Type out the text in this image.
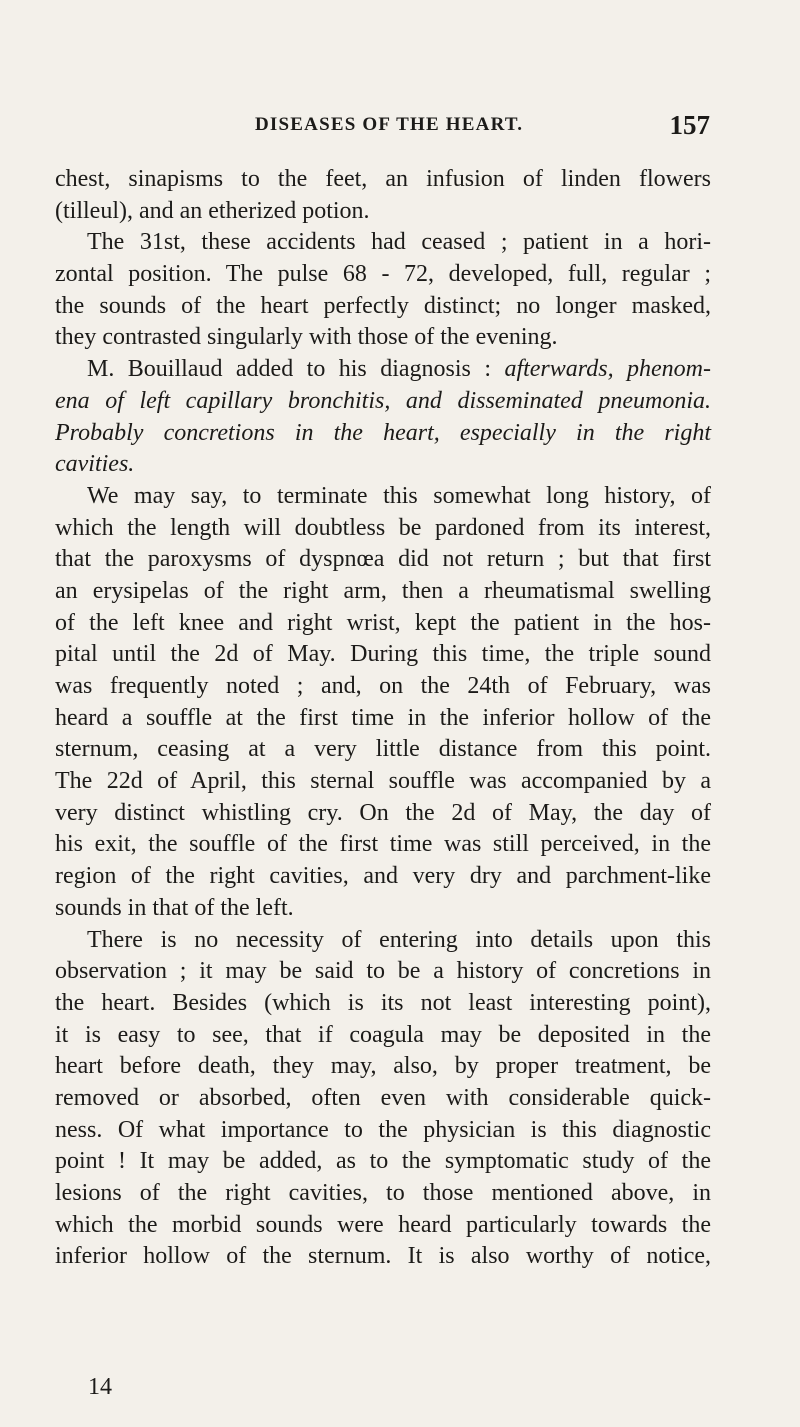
DISEASES OF THE HEART.	157
chest, sinapisms to the feet, an infusion of linden flowers
(tilleul), and an etherized potion.
The 31st, these accidents had ceased ; patient in a hori-
zontal position. The pulse 68 - 72, developed, full, regular ;
the sounds of the heart perfectly distinct; no longer masked,
they contrasted singularly with those of the evening.
M. Bouillaud added to his diagnosis : afterwards, phenom-
ena of left capillary bronchitis, and disseminated pneumonia.
Probably concretions in the heart, especially in the right
cavities.
We may say, to terminate this somewhat long history, of
which the length will doubtless be pardoned from its interest,
that the paroxysms of dyspnœa did not return ; but that first
an erysipelas of the right arm, then a rheumatismal swelling
of the left knee and right wrist, kept the patient in the hos-
pital until the 2d of May. During this time, the triple sound
was frequently noted ; and, on the 24th of February, was
heard a souffle at the first time in the inferior hollow of the
sternum, ceasing at a very little distance from this point.
The 22d of April, this sternal souffle was accompanied by a
very distinct whistling cry. On the 2d of May, the day of
his exit, the souffle of the first time was still perceived, in the
region of the right cavities, and very dry and parchment-like
sounds in that of the left.
There is no necessity of entering into details upon this
observation ; it may be said to be a history of concretions in
the heart. Besides (which is its not least interesting point),
it is easy to see, that if coagula may be deposited in the
heart before death, they may, also, by proper treatment, be
removed or absorbed, often even with considerable quick-
ness. Of what importance to the physician is this diagnostic
point ! It may be added, as to the symptomatic study of the
lesions of the right cavities, to those mentioned above, in
which the morbid sounds were heard particularly towards the
inferior hollow of the sternum. It is also worthy of notice,
14
